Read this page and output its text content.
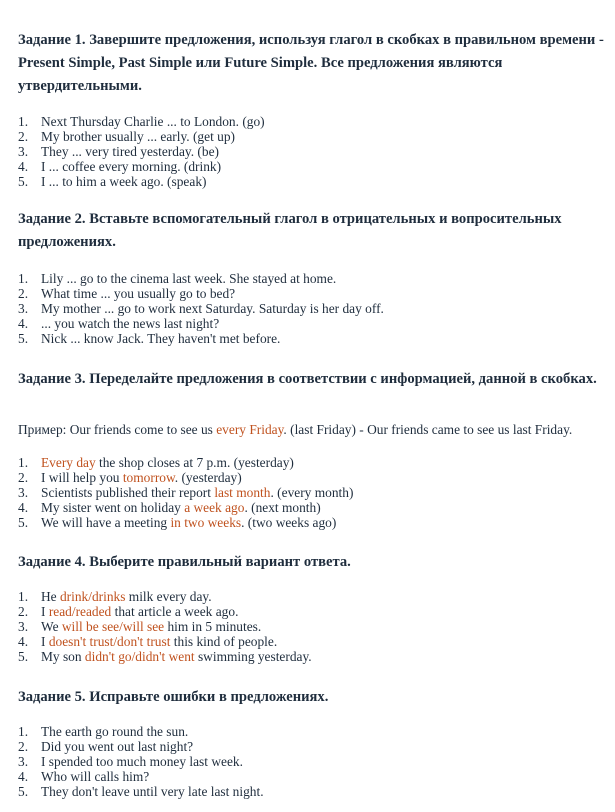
Задание 1. Завершите предложения, используя глагол в скобках в правильном времени - Present Simple, Past Simple или Future Simple. Все предложения являются утвердительными.
1. Next Thursday Charlie ... to London. (go)
2. My brother usually ... early. (get up)
3. They ... very tired yesterday. (be)
4. I ... coffee every morning. (drink)
5. I ... to him a week ago. (speak)
Задание 2. Вставьте вспомогательный глагол в отрицательных и вопросительных предложениях.
1. Lily ... go to the cinema last week. She stayed at home.
2. What time ... you usually go to bed?
3. My mother ... go to work next Saturday. Saturday is her day off.
4. ... you watch the news last night?
5. Nick ... know Jack. They haven't met before.
Задание 3. Переделайте предложения в соответствии с информацией, данной в скобках.
Пример: Our friends come to see us every Friday. (last Friday) - Our friends came to see us last Friday.
1. Every day the shop closes at 7 p.m. (yesterday)
2. I will help you tomorrow. (yesterday)
3. Scientists published their report last month. (every month)
4. My sister went on holiday a week ago. (next month)
5. We will have a meeting in two weeks. (two weeks ago)
Задание 4. Выберите правильный вариант ответа.
1. He drink/drinks milk every day.
2. I read/readed that article a week ago.
3. We will be see/will see him in 5 minutes.
4. I doesn't trust/don't trust this kind of people.
5. My son didn't go/didn't went swimming yesterday.
Задание 5. Исправьте ошибки в предложениях.
1. The earth go round the sun.
2. Did you went out last night?
3. I spended too much money last week.
4. Who will calls him?
5. They don't leave until very late last night.
